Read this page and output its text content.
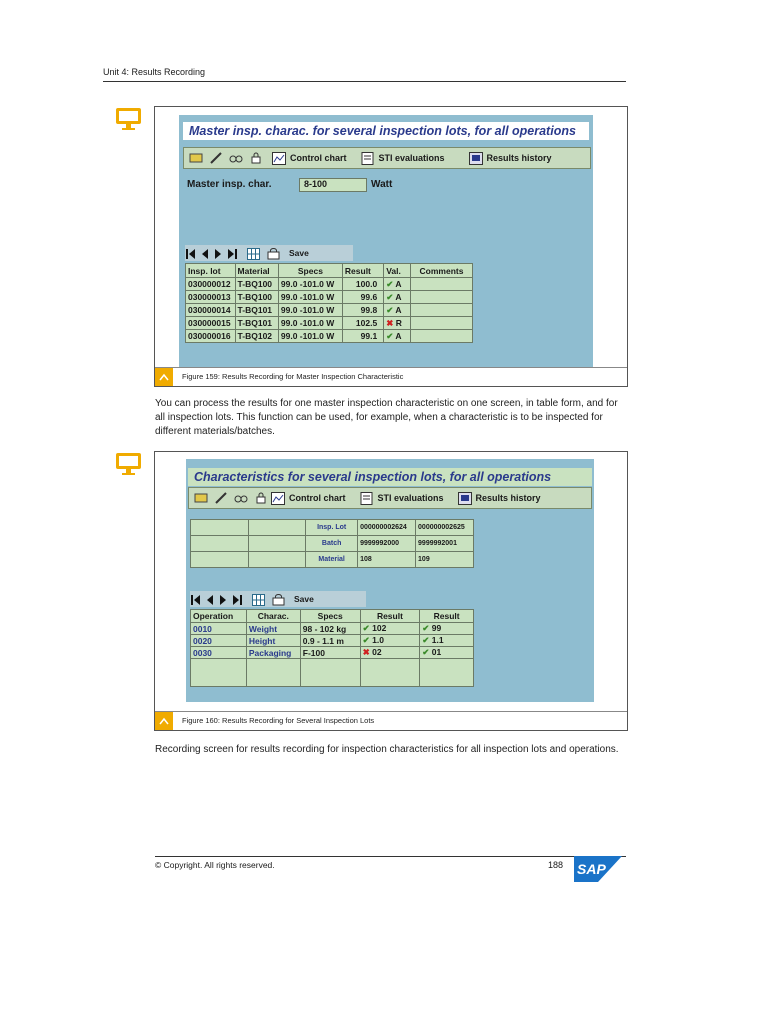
Unit 4: Results Recording
Master insp. charac. for several inspection lots, for all operations
Control chart	STI evaluations	Results history
Master insp. char.	8-100	Watt
Save
Insp. lot	Material	Specs	Result	Val.	Comments
030000012	T-BQ100	99.0 -101.0 W	100.0	✔ A	
030000013	T-BQ100	99.0 -101.0 W	99.6	✔ A	
030000014	T-BQ101	99.0 -101.0 W	99.8	✔ A	
030000015	T-BQ101	99.0 -101.0 W	102.5	✖ R	
030000016	T-BQ102	99.0 -101.0 W	99.1	✔ A	
Figure 159: Results Recording for Master Inspection Characteristic
You can process the results for one master inspection characteristic on one screen, in table form, and for all inspection lots. This function can be used, for example, when a characteristic is to be inspected for different materials/batches.
Characteristics for several inspection lots, for all operations
Control chart	STI evaluations	Results history
		Insp. Lot	000000002624	000000002625
		Batch	9999992000	9999992001
		Material	108	109
Save
Operation	Charac.	Specs	Result	Result
0010	Weight	98 - 102 kg	✔ 102	✔ 99
0020	Height	0.9 - 1.1 m	✔ 1.0	✔ 1.1
0030	Packaging	F-100	✖ 02	✔ 01

Figure 160: Results Recording for Several Inspection Lots
Recording screen for results recording for inspection characteristics for all inspection lots and operations.
© Copyright. All rights reserved.	188 SAP
